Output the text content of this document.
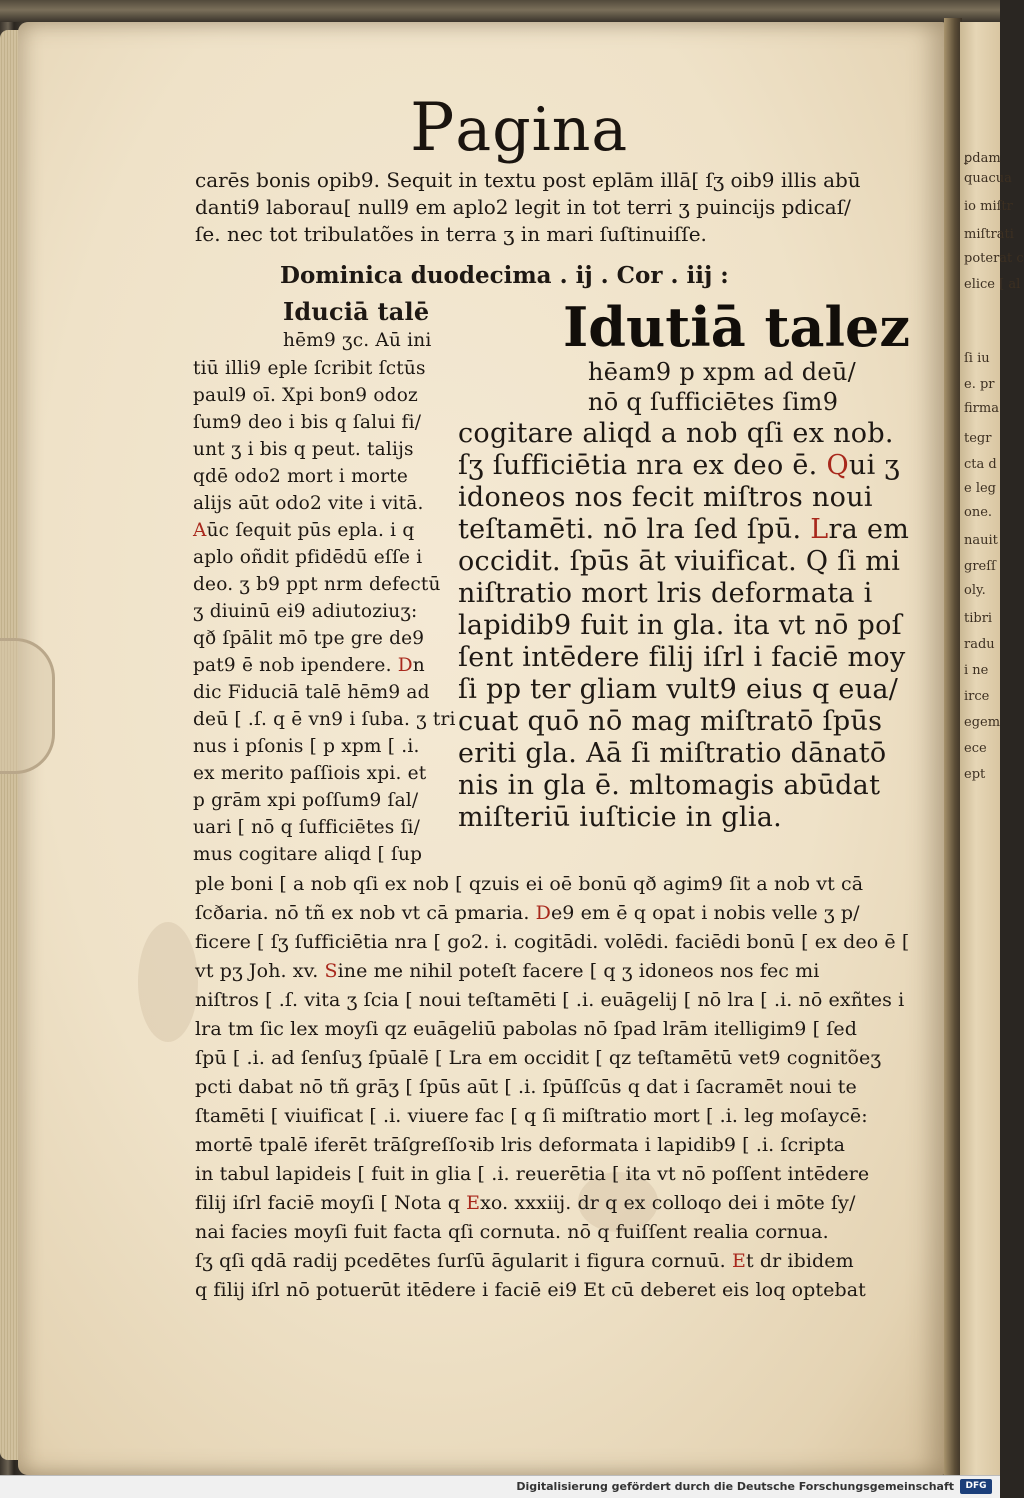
ꝑdam
quacua
io miſtr
miſtrati
poterat c
elice [ al
ſi iu
e. pr
firma
tegr
cta d
e leg
one.
nauit
greſſ
oly.
tibri
radu
i ne
irce
egem
ece
ept
Pagina
carēs bonis opib9. Sequit in textu post eplām illā[ ſʒ oib9 illis abū
danti9 laborau[ null9 em aplo2 legit in tot terri ʒ puincijs pdicaſ/
ſe. nec tot tribulatões in terra ʒ in mari ſuſtinuiſſe.
Dominica duodecima . ij . Cor . iij :
Iduciā talē
hēm9 ʒc. Aū ini
tiū illi9 eple ſcribit ſctūs
paul9 oī. Xpi bon9 odoz
ſum9 deo i bis q ſalui fi/
unt ʒ i bis q peut. talijs
qdē odo2 mort i morte
alijs aūt odo2 vite i vitā.
Aūc ſequit pūs epla. i q
aplo oñdit pfidēdū eſſe i
deo. ʒ b9 ppt nrm defectū
ʒ diuinū ei9 adiutoziuʒ:
qð ſpālit mō tpe gre de9
pat9 ē nob ipendere. Dn
dic Fiduciā talē hēm9 ad
deū [ .ſ. q ē vn9 i ſuba. ʒ tri
nus i pſonis [ p xpm [ .i.
ex merito paſſiois xpi. et
p grām xpi poſſum9 ſal/
uari [ nō q ſufficiētes ſi/
mus cogitare aliqd [ ſup
Idutiā talez
hēam9 p xpm ad deū/
nō q ſufficiētes ſim9
cogitare aliqd a nob qſi ex nob.
ſʒ ſufficiētia nra ex deo ē. Qui ʒ
idoneos nos fecit miſtros noui
teſtamēti. nō lra ſed ſpū. Lra em
occidit. ſpūs āt viuificat. Q ſi mi
niſtratio mort lris deformata i
lapidib9 fuit in gla. ita vt nō poſ
ſent intēdere filij iſrl i faciē moy
ſi pp ter gliam vult9 eius q eua/
cuat quō nō mag miſtratō ſpūs
eriti gla. Aā ſi miſtratio dānatō
nis in gla ē. mltomagis abūdat
miſteriū iuſticie in glia.
ple boni [ a nob qſi ex nob [ qzuis ei oē bonū qð agim9 ſit a nob vt cā
ſcðaria. nō tñ ex nob vt cā pmaria. De9 em ē q opat i nobis velle ʒ p/
ficere [ ſʒ ſufficiētia nra [ go2. i. cogitādi. volēdi. faciēdi bonū [ ex deo ē [
vt pʒ Joh. xv. Sine me nihil poteſt facere [ q ʒ idoneos nos fec mi
niſtros [ .ſ. vita ʒ ſcia [ noui teſtamēti [ .i. euāgelij [ nō lra [ .i. nō exñtes i
lra tm ſic lex moyſi qz euāgeliū pabolas nō ſpad lrām itelligim9 [ ſed
ſpū [ .i. ad ſenſuʒ ſpūalē [ Lra em occidit [ qz teſtamētū vet9 cognitõeʒ
pcti dabat nō tñ grāʒ [ ſpūs aūt [ .i. ſpūſſcūs q dat i ſacramēt noui te
ſtamēti [ viuificat [ .i. viuere fac [ q ſi miſtratio mort [ .i. leg moſaycē:
mortē tpalē iferēt trāſgreſſoꝛib lris deformata i lapidib9 [ .i. ſcripta
in tabul lapideis [ fuit in glia [ .i. reuerētia [ ita vt nō poſſent intēdere
filij iſrl faciē moyſi [ Nota q Exo. xxxiij. dr q ex colloqo dei i mōte ſy/
nai facies moyſi fuit facta qſi cornuta. nō q fuiſſent realia cornua.
ſʒ qſi qdā radij pcedētes ſurſū āgularit i figura cornuū. Et dr ibidem
q filij iſrl nō potuerūt itēdere i faciē ei9 Et cū deberet eis loq optebat
Digitalisierung gefördert durch die Deutsche Forschungsgemeinschaft	DFG
